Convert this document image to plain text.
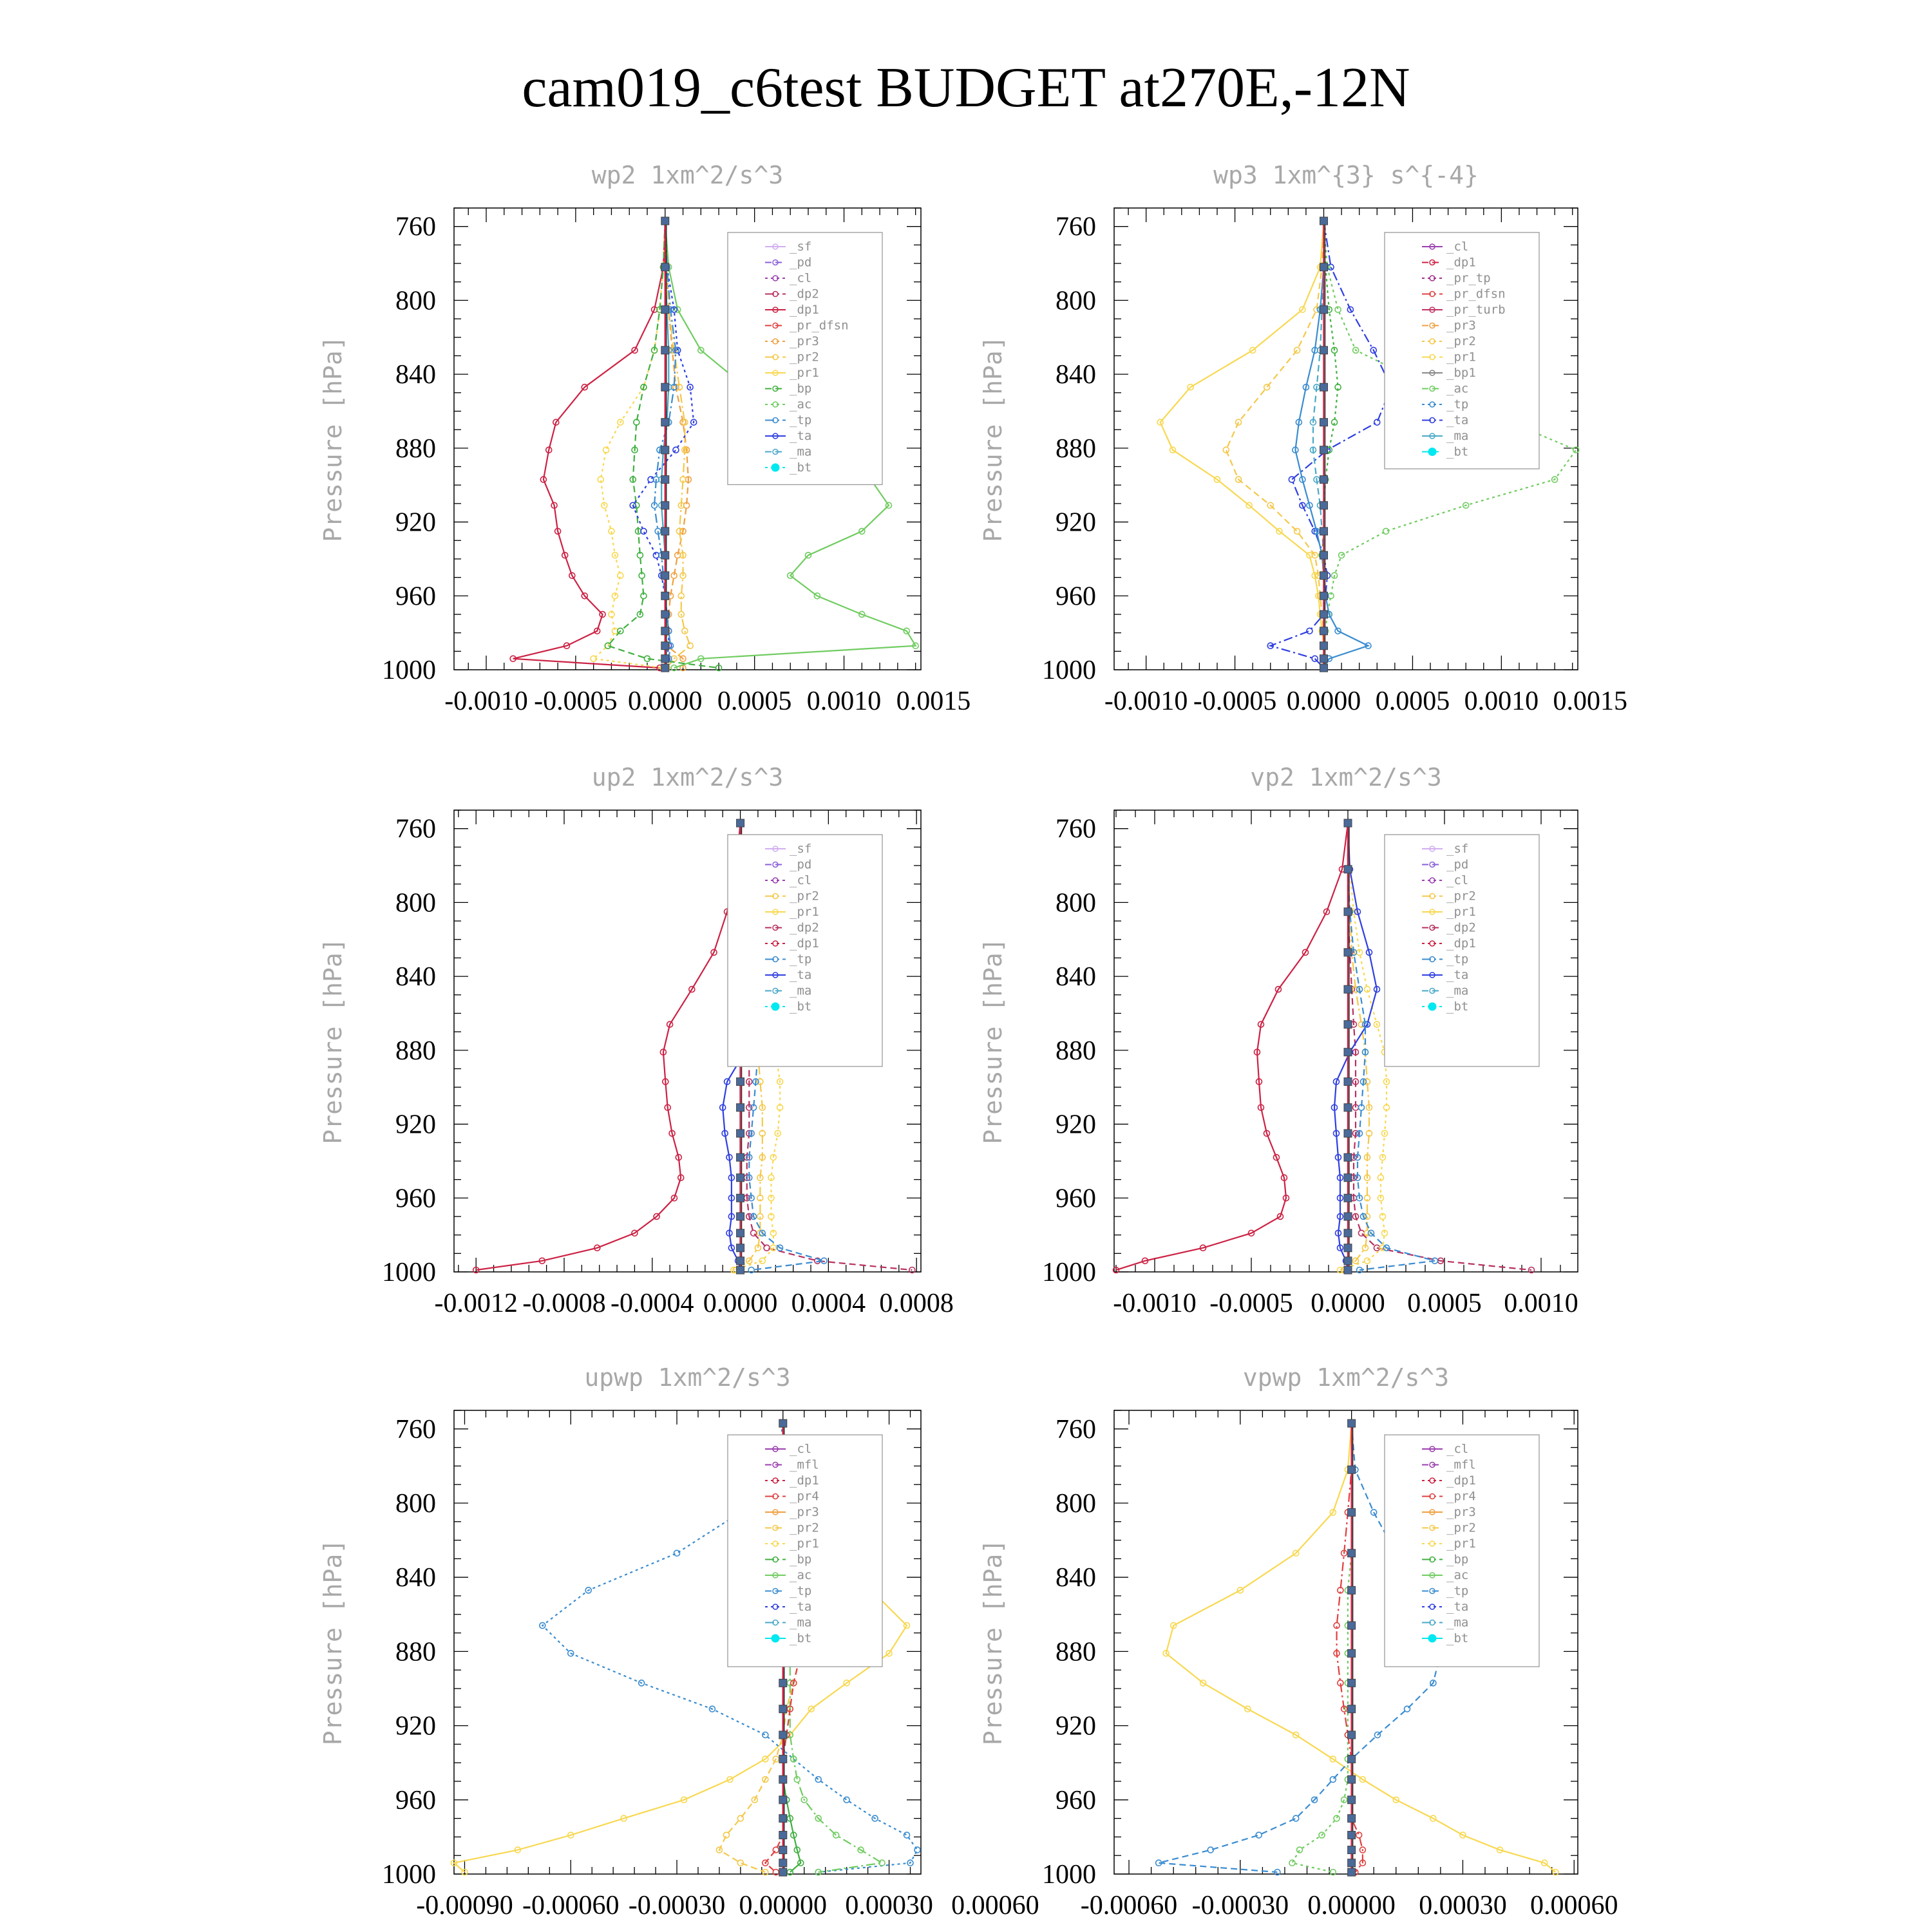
cam019_c6test BUDGET at270E,-12N
wp2 1xm^2/s^3
Pressure [hPa]
760
800
840
880
920
960
1000
-0.0010 -0.0005 0.0000 0.0005 0.0010 0.0015
_sf
_pd
_cl
_dp2
_dp1
_pr_dfsn
_pr3
_pr2
_pr1
_bp
_ac
_tp
_ta
_ma
_bt
wp3 1xm^{3} s^{-4}
Pressure [hPa]
760
800
840
880
920
960
1000
-0.0010 -0.0005 0.0000 0.0005 0.0010 0.0015
_cl
_dp1
_pr_tp
_pr_dfsn
_pr_turb
_pr3
_pr2
_pr1
_bp1
_ac
_tp
_ta
_ma
_bt
up2 1xm^2/s^3
Pressure [hPa]
760
800
840
880
920
960
1000
-0.0012 -0.0008 -0.0004 0.0000 0.0004 0.0008
_sf
_pd
_cl
_pr2
_pr1
_dp2
_dp1
_tp
_ta
_ma
_bt
vp2 1xm^2/s^3
Pressure [hPa]
760
800
840
880
920
960
1000
-0.0010 -0.0005 0.0000 0.0005 0.0010
_sf
_pd
_cl
_pr2
_pr1
_dp2
_dp1
_tp
_ta
_ma
_bt
upwp 1xm^2/s^3
Pressure [hPa]
760
800
840
880
920
960
1000
-0.00090 -0.00060 -0.00030 0.00000 0.00030 0.00060
_cl
_mfl
_dp1
_pr4
_pr3
_pr2
_pr1
_bp
_ac
_tp
_ta
_ma
_bt
vpwp 1xm^2/s^3
Pressure [hPa]
760
800
840
880
920
960
1000
-0.00060 -0.00030 0.00000 0.00030 0.00060
_cl
_mfl
_dp1
_pr4
_pr3
_pr2
_pr1
_bp
_ac
_tp
_ta
_ma
_bt
